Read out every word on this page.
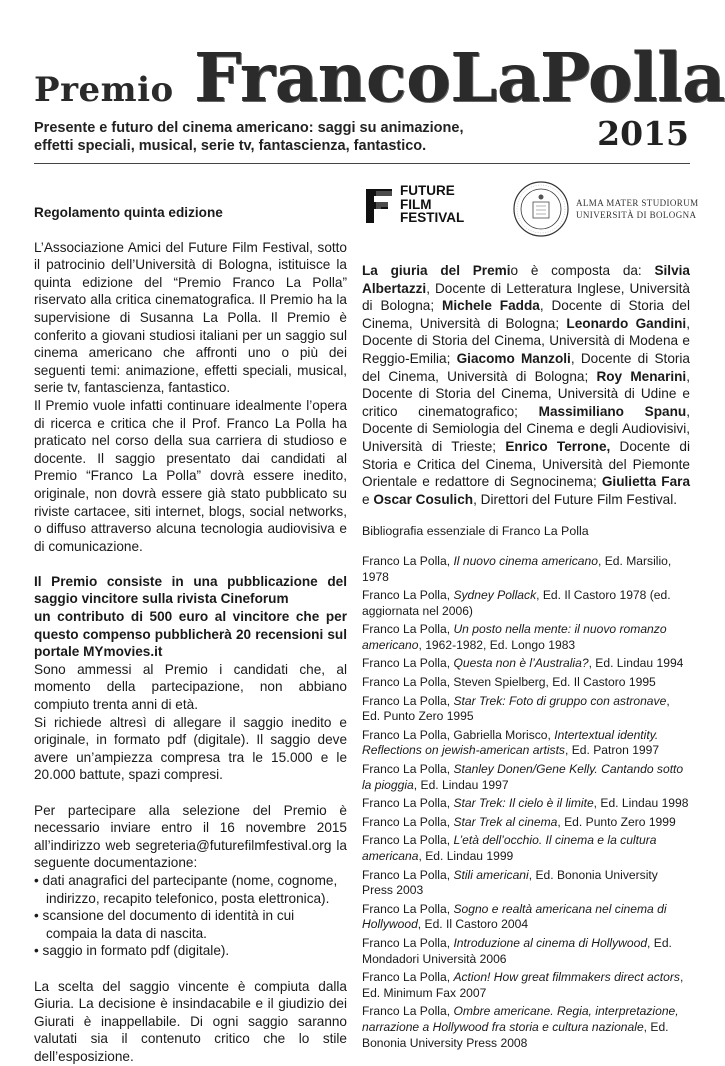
Premio FrancoLaPolla
Presente e futuro del cinema americano: saggi su animazione, effetti speciali, musical, serie tv, fantascienza, fantastico.	2015
FUTURE
FILM
FESTIVAL
ALMA MATER STUDIORUM
UNIVERSITÀ DI BOLOGNA

Regolamento quinta edizione

L’Associazione Amici del Future Film Festival, sotto il patrocinio dell’Università di Bologna, istituisce la quinta edizione del “Premio Franco La Polla” riservato alla critica cinematografica. Il Premio ha la supervisione di Susanna La Polla. Il Premio è conferito a giovani studiosi italiani per un saggio sul cinema americano che affronti uno o più dei seguenti temi: animazione, effetti speciali, musical, serie tv, fantascienza, fantastico.

Il Premio vuole infatti continuare idealmente l’opera di ricerca e critica che il Prof. Franco La Polla ha praticato nel corso della sua carriera di studioso e docente. Il saggio presentato dai candidati al Premio “Franco La Polla” dovrà essere inedito, originale, non dovrà essere già stato pubblicato su riviste cartacee, siti internet, blogs, social networks, o diffuso attraverso alcuna tecnologia audiovisiva e di comunicazione.

Il Premio consiste in una pubblicazione del saggio vincitore sulla rivista Cineforum

un contributo di 500 euro al vincitore che per questo compenso pubblicherà 20 recensioni sul portale MYmovies.it

Sono ammessi al Premio i candidati che, al momento della partecipazione, non abbiano compiuto trenta anni di età.

Si richiede altresì di allegare il saggio inedito e originale, in formato pdf (digitale). Il saggio deve avere un’ampiezza compresa tra le 15.000 e le 20.000 battute, spazi compresi.

Per partecipare alla selezione del Premio è necessario inviare entro il 16 novembre 2015 all’indirizzo web segreteria@futurefilmfestival.org la seguente documentazione:

• dati anagrafici del partecipante (nome, cognome, indirizzo, recapito telefonico, posta elettronica).
• scansione del documento di identità in cui compaia la data di nascita.
• saggio in formato pdf (digitale).

La scelta del saggio vincente è compiuta dalla Giuria. La decisione è insindacabile e il giudizio dei Giurati è inappellabile. Di ogni saggio saranno valutati sia il contenuto critico che lo stile dell’esposizione.

La giuria del Premio è composta da: Silvia Albertazzi, Docente di Letteratura Inglese, Università di Bologna; Michele Fadda, Docente di Storia del Cinema, Università di Bologna; Leonardo Gandini, Docente di Storia del Cinema, Università di Modena e Reggio-Emilia; Giacomo Manzoli, Docente di Storia del Cinema, Università di Bologna; Roy Menarini, Docente di Storia del Cinema, Università di Udine e critico cinematografico; Massimiliano Spanu, Docente di Semiologia del Cinema e degli Audiovisivi, Università di Trieste; Enrico Terrone, Docente di Storia e Critica del Cinema, Università del Piemonte Orientale e redattore di Segnocinema; Giulietta Fara e Oscar Cosulich, Direttori del Future Film Festival.

Bibliografia essenziale di Franco La Polla

Franco La Polla, Il nuovo cinema americano, Ed. Marsilio, 1978

Franco La Polla, Sydney Pollack, Ed. Il Castoro 1978 (ed. aggiornata nel 2006)

Franco La Polla, Un posto nella mente: il nuovo romanzo americano, 1962-1982, Ed. Longo 1983

Franco La Polla, Questa non è l’Australia?, Ed. Lindau 1994

Franco La Polla, Steven Spielberg, Ed. Il Castoro 1995

Franco La Polla, Star Trek: Foto di gruppo con astronave, Ed. Punto Zero 1995

Franco La Polla, Gabriella Morisco, Intertextual identity. Reflections on jewish-american artists, Ed. Patron 1997

Franco La Polla, Stanley Donen/Gene Kelly. Cantando sotto la pioggia, Ed. Lindau 1997

Franco La Polla, Star Trek: Il cielo è il limite, Ed. Lindau 1998

Franco La Polla, Star Trek al cinema, Ed. Punto Zero 1999

Franco La Polla, L’età dell’occhio. Il cinema e la cultura americana, Ed. Lindau 1999

Franco La Polla, Stili americani, Ed. Bononia University Press 2003

Franco La Polla, Sogno e realtà americana nel cinema di Hollywood, Ed. Il Castoro 2004

Franco La Polla, Introduzione al cinema di Hollywood, Ed. Mondadori Università 2006

Franco La Polla, Action! How great filmmakers direct actors, Ed. Minimum Fax 2007

Franco La Polla, Ombre americane. Regia, interpretazione, narrazione a Hollywood fra storia e cultura nazionale, Ed. Bononia University Press 2008
